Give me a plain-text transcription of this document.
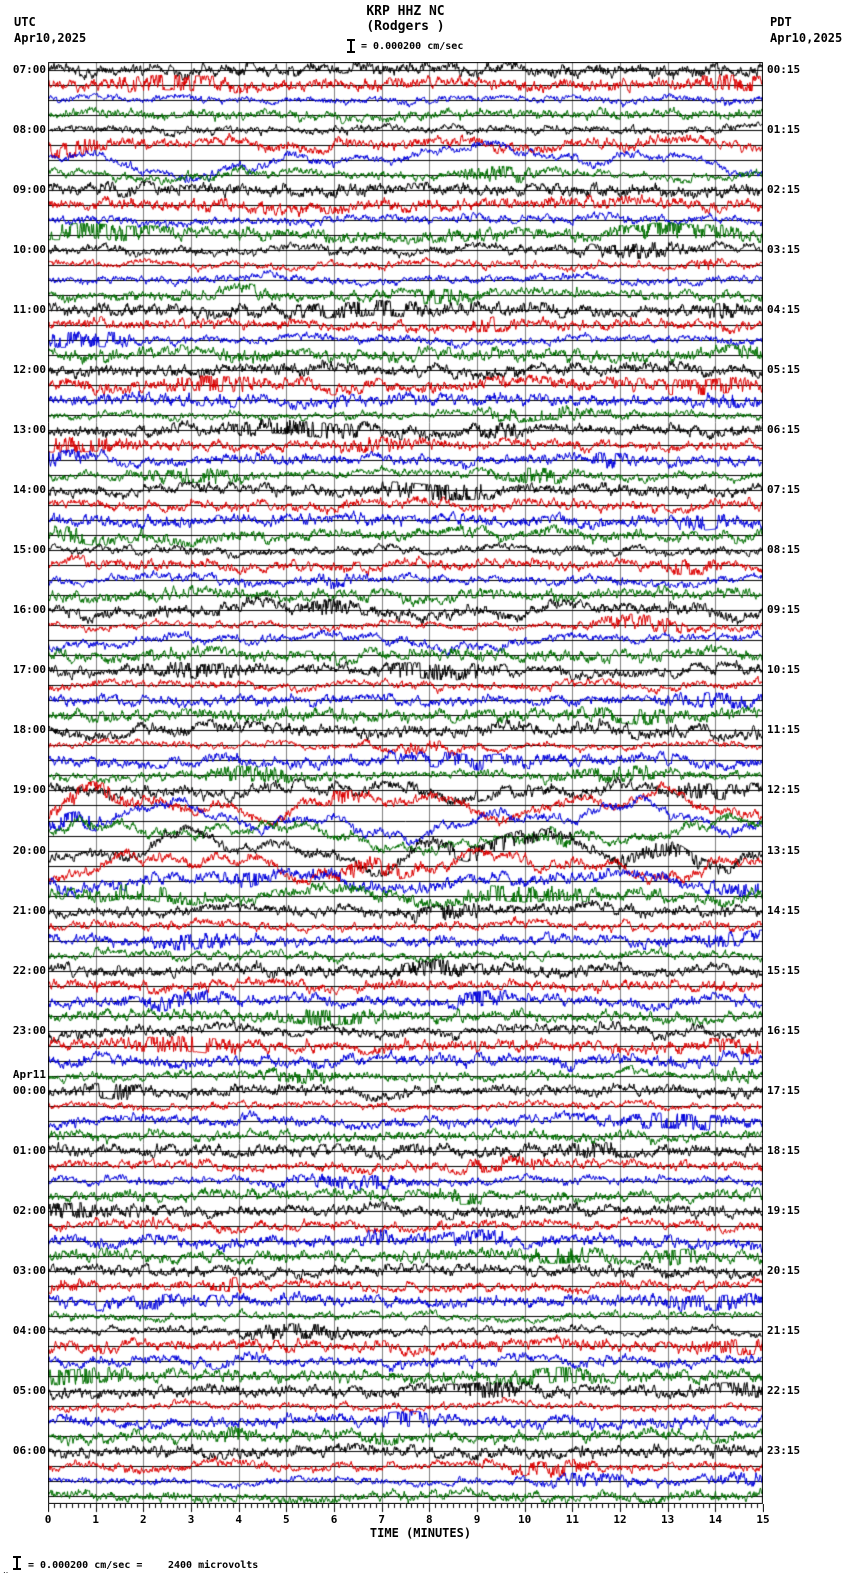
KRP HHZ NC
(Rodgers )
UTC
Apr10,2025
PDT
Apr10,2025
= 0.000200 cm/sec
07:00	00:15
08:00	01:15
09:00	02:15
10:00	03:15
11:00	04:15
12:00	05:15
13:00	06:15
14:00	07:15
15:00	08:15
16:00	09:15
17:00	10:15
18:00	11:15
19:00	12:15
20:00	13:15
21:00	14:15
22:00	15:15
23:00	16:15
00:00	17:15
Apr11
01:00	18:15
02:00	19:15
03:00	20:15
04:00	21:15
05:00	22:15
06:00	23:15
0	1	2	3	4	5	6	7	8	9	10	11	12	13	14	15
TIME (MINUTES)
‥ = 0.000200 cm/sec =	2400 microvolts
